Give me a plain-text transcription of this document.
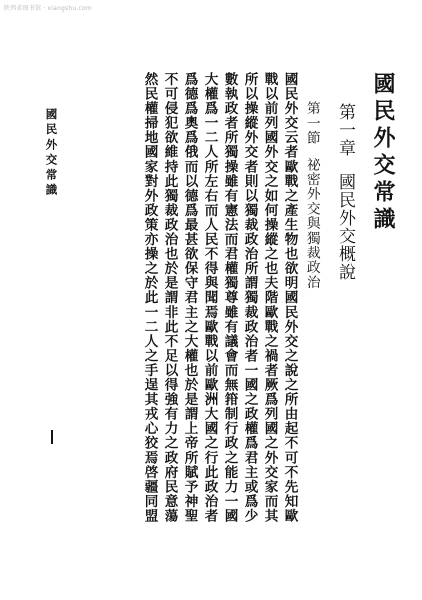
陕西省图书馆 · xiangshu.com
國民外交常識	國民外交常識
第一章國民外交概說
第一節祕密外交與獨裁政治
國民外交云者歐戰之產生物也欲明國民外交之說之所由起不可不先知歐
戰以前列國外交之如何操縱之也夫階歐戰之禍者厥爲列國之外交家而其
所以操縱外交者則以獨裁政治所謂獨裁政治者一國之政權爲君主或爲少
數執政者所獨操雖有憲法而君權獨尊雖有議會而無箝制行政之能力一國
大權爲一二人所左右而人民不得與聞焉歐戰以前歐洲大國之行此政治者
爲德爲奧爲俄而以德爲最甚欲保守君主之大權也於是謂上帝所賦予神聖
不可侵犯欲維持此獨裁政治也於是謂非此不足以得強有力之政府民意蕩
然民權掃地國家對外政策亦操之於此一二人之手逞其戎心狡焉啓疆同盟
